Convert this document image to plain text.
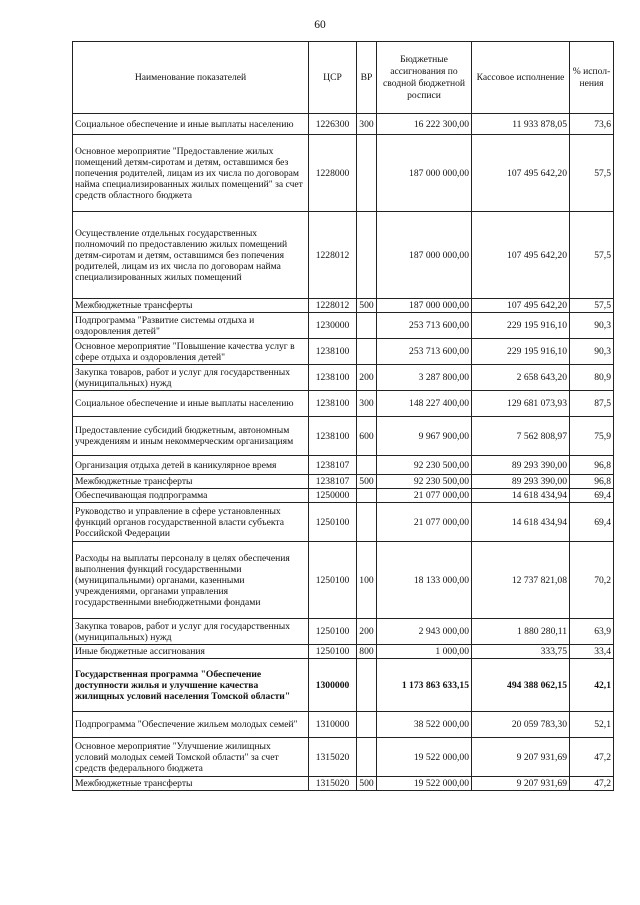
60
Наименование показателей	ЦСР	ВР	Бюджетные ассигнования по сводной бюджетной росписи	Кассовое исполнение	% испол-нения
Социальное обеспечение и иные выплаты населению	1226300	300	16 222 300,00	11 933 878,05	73,6
Основное мероприятие "Предоставление жилых помещений детям-сиротам и детям, оставшимся без попечения родителей, лицам из их числа по договорам найма специализированных жилых помещений" за счет средств областного бюджета	1228000		187 000 000,00	107 495 642,20	57,5
Осуществление отдельных государственных полномочий по предоставлению жилых помещений детям-сиротам и детям, оставшимся без попечения родителей, лицам из их числа по договорам найма специализированных жилых помещений	1228012		187 000 000,00	107 495 642,20	57,5
Межбюджетные трансферты	1228012	500	187 000 000,00	107 495 642,20	57,5
Подпрограмма "Развитие системы отдыха и оздоровления детей"	1230000		253 713 600,00	229 195 916,10	90,3
Основное мероприятие "Повышение качества услуг в сфере отдыха и оздоровления детей"	1238100		253 713 600,00	229 195 916,10	90,3
Закупка товаров, работ и услуг для государственных (муниципальных) нужд	1238100	200	3 287 800,00	2 658 643,20	80,9
Социальное обеспечение и иные выплаты населению	1238100	300	148 227 400,00	129 681 073,93	87,5
Предоставление субсидий бюджетным, автономным учреждениям и иным некоммерческим организациям	1238100	600	9 967 900,00	7 562 808,97	75,9
Организация отдыха детей в каникулярное время	1238107		92 230 500,00	89 293 390,00	96,8
Межбюджетные трансферты	1238107	500	92 230 500,00	89 293 390,00	96,8
Обеспечивающая подпрограмма	1250000		21 077 000,00	14 618 434,94	69,4
Руководство и управление в сфере установленных функций органов государственной власти субъекта Российской Федерации	1250100		21 077 000,00	14 618 434,94	69,4
Расходы на выплаты персоналу в целях обеспечения выполнения функций государственными (муниципальными) органами, казенными учреждениями, органами управления государственными внебюджетными фондами	1250100	100	18 133 000,00	12 737 821,08	70,2
Закупка товаров, работ и услуг для государственных (муниципальных) нужд	1250100	200	2 943 000,00	1 880 280,11	63,9
Иные бюджетные ассигнования	1250100	800	1 000,00	333,75	33,4
Государственная программа "Обеспечение доступности жилья и улучшение качества жилищных условий населения Томской области"	1300000		1 173 863 633,15	494 388 062,15	42,1
Подпрограмма "Обеспечение жильем молодых семей"	1310000		38 522 000,00	20 059 783,30	52,1
Основное мероприятие "Улучшение жилищных условий молодых семей Томской области" за счет средств федерального бюджета	1315020		19 522 000,00	9 207 931,69	47,2
Межбюджетные трансферты	1315020	500	19 522 000,00	9 207 931,69	47,2
